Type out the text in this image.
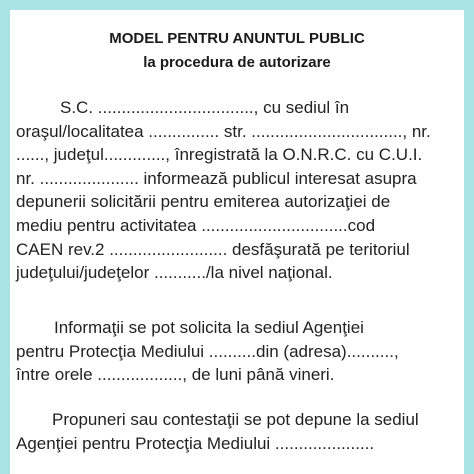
MODEL PENTRU ANUNTUL PUBLIC

la procedura de autorizare

S.C. ................................., cu sediul în
oraşul/localitatea ............... str. ................................, nr.
......, judeţul............., înregistrată la O.N.R.C. cu C.U.I.
nr. ..................... informează publicul interesat asupra
depunerii solicitării pentru emiterea autorizaţiei de
mediu pentru activitatea ...............................cod
CAEN rev.2 ......................... desfăşurată pe teritoriul
judeţului/judeţelor .........../la nivel naţional.
Informaţii se pot solicita la sediul Agenţiei
pentru Protecţia Mediului ..........din (adresa)..........,
între orele .................., de luni până vineri.
Propuneri sau contestaţii se pot depune la sediul
Agenţiei pentru Protecţia Mediului .....................
